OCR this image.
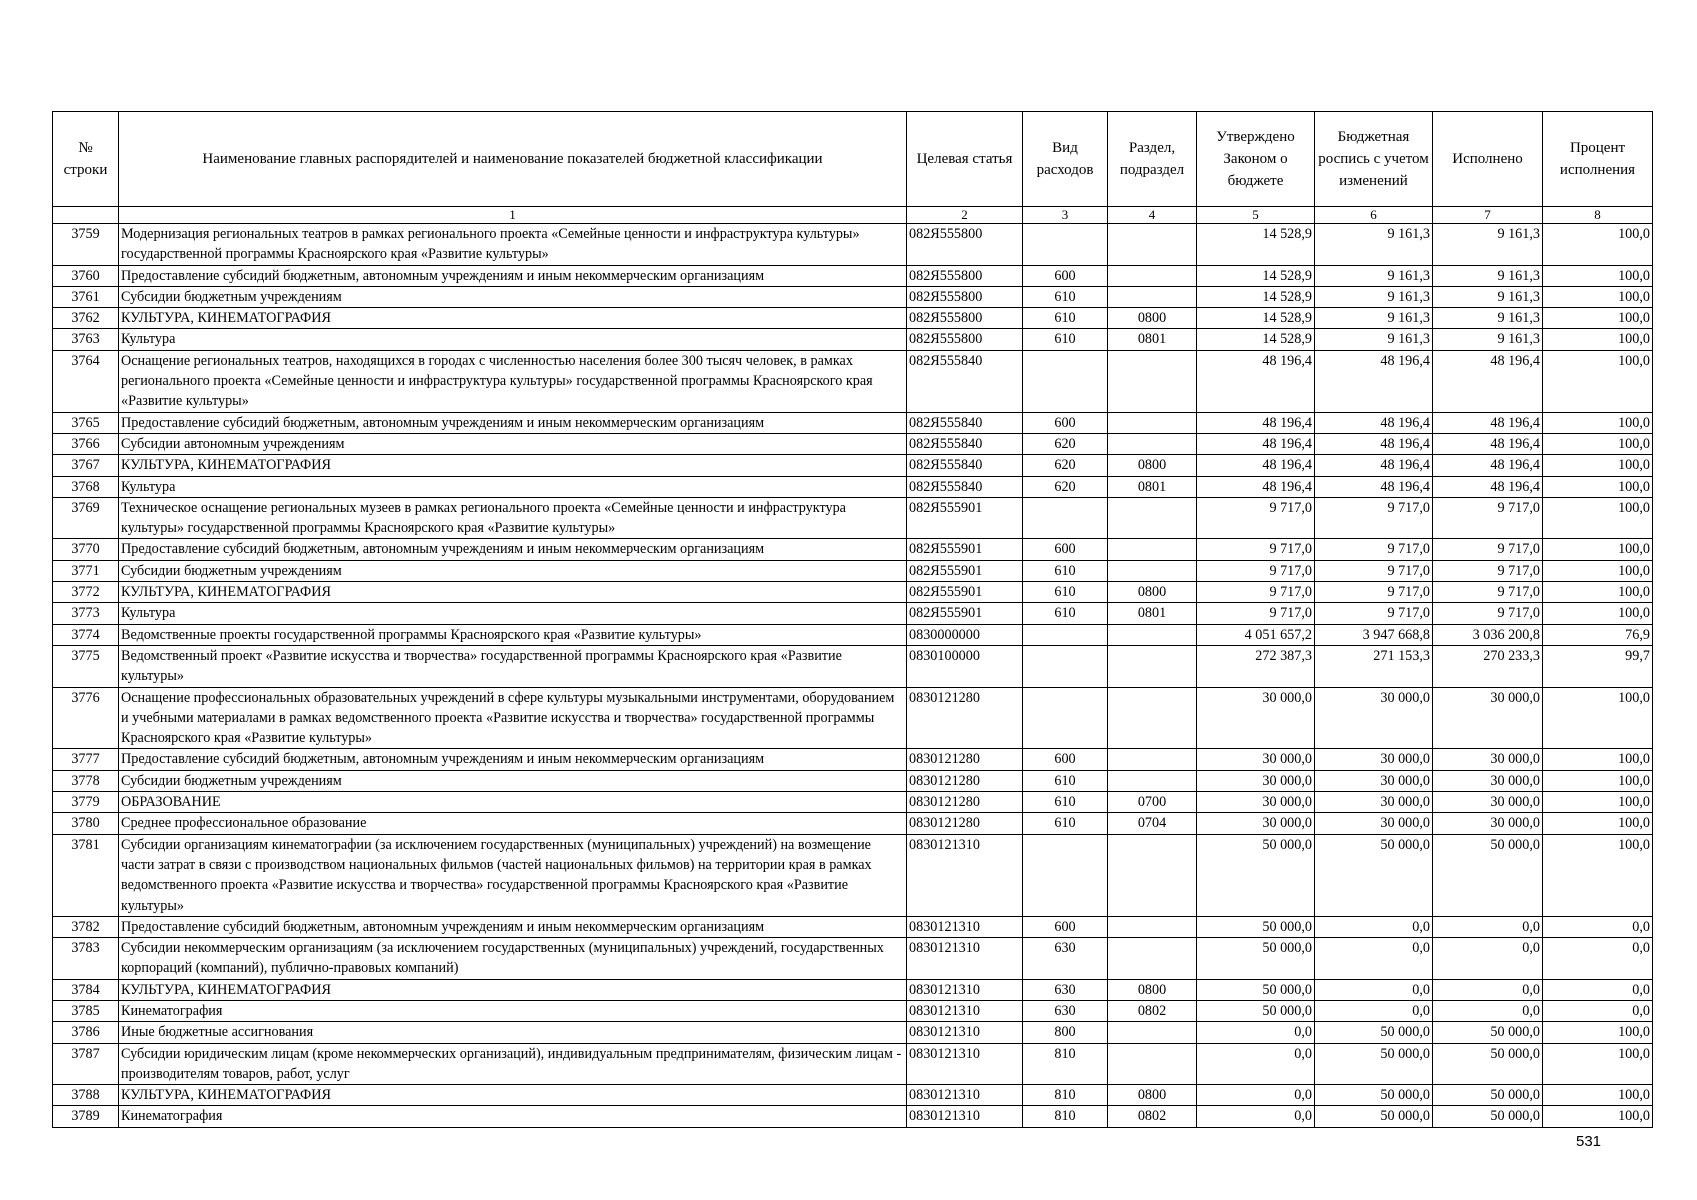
№ строки	Наименование главных распорядителей и наименование показателей бюджетной классификации	Целевая статья	Вид расходов	Раздел, подраздел	Утверждено Законом о бюджете	Бюджетная роспись с учетом изменений	Исполнено	Процент исполнения
	1	2	3	4	5	6	7	8
3759	Модернизация региональных театров в рамках регионального проекта «Семейные ценности и инфраструктура культуры» государственной программы Красноярского края «Развитие культуры»	082Я555800			14 528,9	9 161,3	9 161,3	100,0
3760	Предоставление субсидий бюджетным, автономным учреждениям и иным некоммерческим организациям	082Я555800	600		14 528,9	9 161,3	9 161,3	100,0
3761	Субсидии бюджетным учреждениям	082Я555800	610		14 528,9	9 161,3	9 161,3	100,0
3762	КУЛЬТУРА, КИНЕМАТОГРАФИЯ	082Я555800	610	0800	14 528,9	9 161,3	9 161,3	100,0
3763	Культура	082Я555800	610	0801	14 528,9	9 161,3	9 161,3	100,0
3764	Оснащение региональных театров, находящихся в городах с численностью населения более 300 тысяч человек, в рамках регионального проекта «Семейные ценности и инфраструктура культуры» государственной программы Красноярского края «Развитие культуры»	082Я555840			48 196,4	48 196,4	48 196,4	100,0
3765	Предоставление субсидий бюджетным, автономным учреждениям и иным некоммерческим организациям	082Я555840	600		48 196,4	48 196,4	48 196,4	100,0
3766	Субсидии автономным учреждениям	082Я555840	620		48 196,4	48 196,4	48 196,4	100,0
3767	КУЛЬТУРА, КИНЕМАТОГРАФИЯ	082Я555840	620	0800	48 196,4	48 196,4	48 196,4	100,0
3768	Культура	082Я555840	620	0801	48 196,4	48 196,4	48 196,4	100,0
3769	Техническое оснащение региональных музеев в рамках регионального проекта «Семейные ценности и инфраструктура культуры» государственной программы Красноярского края «Развитие культуры»	082Я555901			9 717,0	9 717,0	9 717,0	100,0
3770	Предоставление субсидий бюджетным, автономным учреждениям и иным некоммерческим организациям	082Я555901	600		9 717,0	9 717,0	9 717,0	100,0
3771	Субсидии бюджетным учреждениям	082Я555901	610		9 717,0	9 717,0	9 717,0	100,0
3772	КУЛЬТУРА, КИНЕМАТОГРАФИЯ	082Я555901	610	0800	9 717,0	9 717,0	9 717,0	100,0
3773	Культура	082Я555901	610	0801	9 717,0	9 717,0	9 717,0	100,0
3774	Ведомственные проекты государственной программы Красноярского края «Развитие культуры»	0830000000			4 051 657,2	3 947 668,8	3 036 200,8	76,9
3775	Ведомственный проект «Развитие искусства и творчества» государственной программы Красноярского края «Развитие культуры»	0830100000			272 387,3	271 153,3	270 233,3	99,7
3776	Оснащение профессиональных образовательных учреждений в сфере культуры музыкальными инструментами, оборудованием и учебными материалами в рамках ведомственного проекта «Развитие искусства и творчества» государственной программы Красноярского края «Развитие культуры»	0830121280			30 000,0	30 000,0	30 000,0	100,0
3777	Предоставление субсидий бюджетным, автономным учреждениям и иным некоммерческим организациям	0830121280	600		30 000,0	30 000,0	30 000,0	100,0
3778	Субсидии бюджетным учреждениям	0830121280	610		30 000,0	30 000,0	30 000,0	100,0
3779	ОБРАЗОВАНИЕ	0830121280	610	0700	30 000,0	30 000,0	30 000,0	100,0
3780	Среднее профессиональное образование	0830121280	610	0704	30 000,0	30 000,0	30 000,0	100,0
3781	Субсидии организациям кинематографии (за исключением государственных (муниципальных) учреждений) на возмещение части затрат в связи с производством национальных фильмов (частей национальных фильмов) на территории края в рамках ведомственного проекта «Развитие искусства и творчества» государственной программы Красноярского края «Развитие культуры»	0830121310			50 000,0	50 000,0	50 000,0	100,0
3782	Предоставление субсидий бюджетным, автономным учреждениям и иным некоммерческим организациям	0830121310	600		50 000,0	0,0	0,0	0,0
3783	Субсидии некоммерческим организациям (за исключением государственных (муниципальных) учреждений, государственных корпораций (компаний), публично-правовых компаний)	0830121310	630		50 000,0	0,0	0,0	0,0
3784	КУЛЬТУРА, КИНЕМАТОГРАФИЯ	0830121310	630	0800	50 000,0	0,0	0,0	0,0
3785	Кинематография	0830121310	630	0802	50 000,0	0,0	0,0	0,0
3786	Иные бюджетные ассигнования	0830121310	800		0,0	50 000,0	50 000,0	100,0
3787	Субсидии юридическим лицам (кроме некоммерческих организаций), индивидуальным предпринимателям, физическим лицам - производителям товаров, работ, услуг	0830121310	810		0,0	50 000,0	50 000,0	100,0
3788	КУЛЬТУРА, КИНЕМАТОГРАФИЯ	0830121310	810	0800	0,0	50 000,0	50 000,0	100,0
3789	Кинематография	0830121310	810	0802	0,0	50 000,0	50 000,0	100,0
531
